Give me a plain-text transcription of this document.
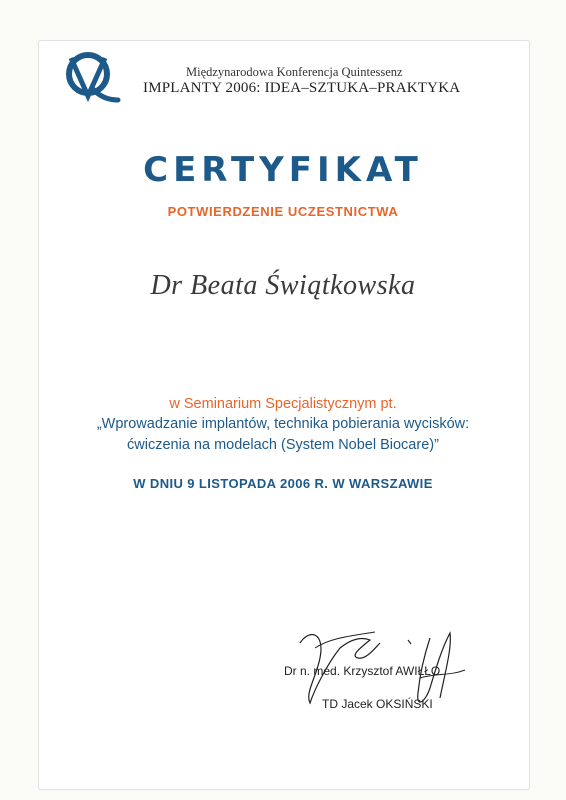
Międzynarodowa Konferencja Quintessenz
IMPLANTY 2006: IDEA–SZTUKA–PRAKTYKA
CERTYFIKAT
POTWIERDZENIE UCZESTNICTWA
Dr Beata Świątkowska
w Seminarium Specjalistycznym pt.
„Wprowadzanie implantów, technika pobierania wycisków:
ćwiczenia na modelach (System Nobel Biocare)”
W DNIU 9 LISTOPADA 2006 R. W WARSZAWIE
Dr n. med. Krzysztof AWIŁŁO
TD Jacek OKSIŃSKI
